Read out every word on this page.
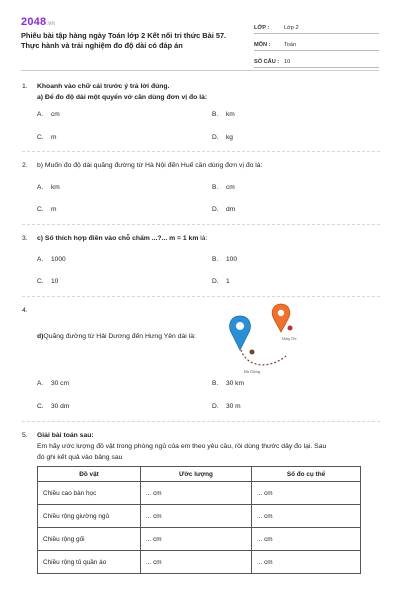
2048.vn
Phiếu bài tập hàng ngày Toán lớp 2 Kết nối tri thức Bài 57.
Thực hành và trải nghiệm đo độ dài có đáp án
LỚP :	Lớp 2
MÔN :	Toán
SỐ CÂU : 10
1.	Khoanh vào chữ cái trước ý trả lời đúng.
a) Để đo độ dài một quyển vở cần dùng đơn vị đo là:
A. cm	B. km
C. m	D. kg
2.	b) Muốn đo độ dài quãng đường từ Hà Nội đến Huế cần dùng đơn vị đo là:
A. km	B. cm
C. m	D. dm
3.	c) Số thích hợp điền vào chỗ chấm ...?... m = 1 km là:
A. 1000	B. 100
C. 10	D. 1
4.
d)Quãng đường từ Hải Dương đến Hưng Yên dài là:
Hải Dương
Hưng Yên
A. 30 cm	B. 30 km
C. 30 dm	D. 30 m
5.	Giải bài toán sau:
Em hãy ước lượng đồ vật trong phòng ngủ của em theo yêu cầu, rồi dùng thước dây đo lại. Sau
đó ghi kết quả vào bảng sau
Đồ vật	Ước lượng	Số đo cụ thể
Chiều cao bàn học	... cm	... cm
Chiều rộng giường ngủ	... cm	... cm
Chiều rộng gối	... cm	... cm
Chiều rộng tủ quần áo	... cm	... cm
